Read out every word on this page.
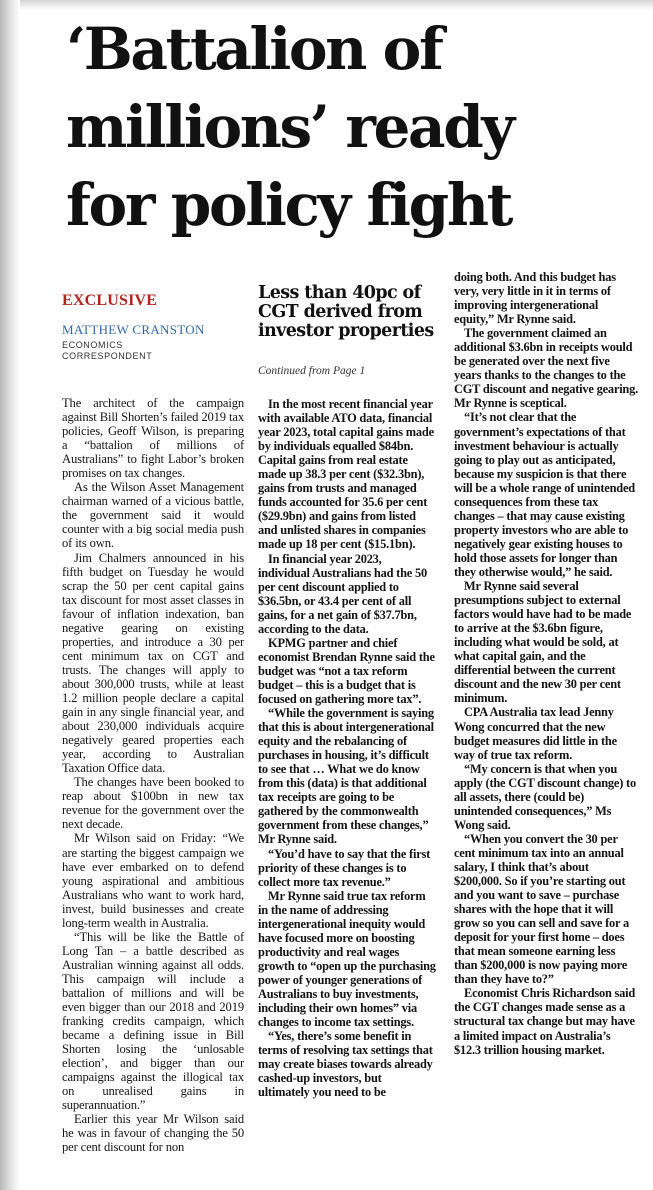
‘Battalion of
millions’ ready
for policy fight
EXCLUSIVE
MATTHEW CRANSTON
ECONOMICS
CORRESPONDENT

The architect of the campaign against Bill Shorten’s failed 2019 tax policies, Geoff Wilson, is preparing a “battalion of millions of Australians” to fight Labor’s broken promises on tax changes.

As the Wilson Asset Management chairman warned of a vicious battle, the government said it would counter with a big social media push of its own.

Jim Chalmers announced in his fifth budget on Tuesday he would scrap the 50 per cent capital gains tax discount for most asset classes in favour of inflation indexation, ban negative gearing on existing properties, and introduce a 30 per cent minimum tax on CGT and trusts. The changes will apply to about 300,000 trusts, while at least 1.2 million people declare a capital gain in any single financial year, and about 230,000 individuals acquire negatively geared properties each year, according to Australian Taxation Office data.

The changes have been booked to reap about $100bn in new tax revenue for the government over the next decade.

Mr Wilson said on Friday: “We are starting the biggest campaign we have ever embarked on to defend young aspirational and ambitious Australians who want to work hard, invest, build businesses and create long-term wealth in Australia.

“This will be like the Battle of Long Tan – a battle described as Australian winning against all odds. This campaign will include a battalion of millions and will be even bigger than our 2018 and 2019 franking credits campaign, which became a defining issue in Bill Shorten losing the ‘unlosable election’, and bigger than our campaigns against the illogical tax on unrealised gains in superannuation.”

Earlier this year Mr Wilson said he was in favour of changing the 50 per cent discount for non

Less than 40pc of CGT derived from investor properties
Continued from Page 1

In the most recent financial year with available ATO data, financial year 2023, total capital gains made by individuals equalled $84bn. Capital gains from real estate made up 38.3 per cent ($32.3bn), gains from trusts and managed funds accounted for 35.6 per cent ($29.9bn) and gains from listed and unlisted shares in companies made up 18 per cent ($15.1bn).

In financial year 2023, individual Australians had the 50 per cent discount applied to $36.5bn, or 43.4 per cent of all gains, for a net gain of $37.7bn, according to the data.

KPMG partner and chief economist Brendan Rynne said the budget was “not a tax reform budget – this is a budget that is focused on gathering more tax”.

“While the government is saying that this is about intergenerational equity and the rebalancing of purchases in housing, it’s difficult to see that … What we do know from this (data) is that additional tax receipts are going to be gathered by the commonwealth government from these changes,” Mr Rynne said.

“You’d have to say that the first priority of these changes is to collect more tax revenue.”

Mr Rynne said true tax reform in the name of addressing intergenerational inequity would have focused more on boosting productivity and real wages growth to “open up the purchasing power of younger generations of Australians to buy investments, including their own homes” via changes to income tax settings.

“Yes, there’s some benefit in terms of resolving tax settings that may create biases towards already cashed-up investors, but ultimately you need to be

doing both. And this budget has very, very little in it in terms of improving intergenerational equity,” Mr Rynne said.

The government claimed an additional $3.6bn in receipts would be generated over the next five years thanks to the changes to the CGT discount and negative gearing. Mr Rynne is sceptical.

“It’s not clear that the government’s expectations of that investment behaviour is actually going to play out as anticipated, because my suspicion is that there will be a whole range of unintended consequences from these tax changes – that may cause existing property investors who are able to negatively gear existing houses to hold those assets for longer than they otherwise would,” he said.

Mr Rynne said several presumptions subject to external factors would have had to be made to arrive at the $3.6bn figure, including what would be sold, at what capital gain, and the differential between the current discount and the new 30 per cent minimum.

CPA Australia tax lead Jenny Wong concurred that the new budget measures did little in the way of true tax reform.

“My concern is that when you apply (the CGT discount change) to all assets, there (could be) unintended consequences,” Ms Wong said.

“When you convert the 30 per cent minimum tax into an annual salary, I think that’s about $200,000. So if you’re starting out and you want to save – purchase shares with the hope that it will grow so you can sell and save for a deposit for your first home – does that mean someone earning less than $200,000 is now paying more than they have to?”

Economist Chris Richardson said the CGT changes made sense as a structural tax change but may have a limited impact on Australia’s $12.3 trillion housing market.
